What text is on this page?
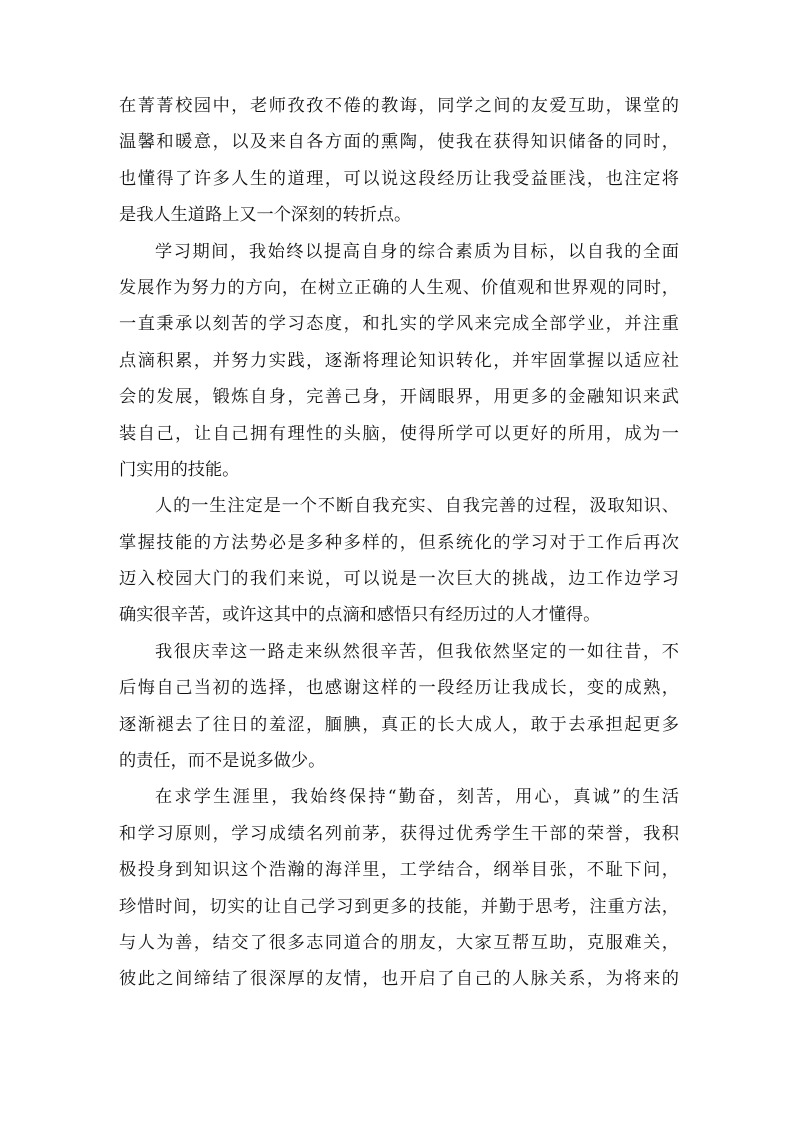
在菁菁校园中，老师孜孜不倦的教诲，同学之间的友爱互助，课堂的
温馨和暖意，以及来自各方面的熏陶，使我在获得知识储备的同时，
也懂得了许多人生的道理，可以说这段经历让我受益匪浅，也注定将
是我人生道路上又一个深刻的转折点。
学习期间，我始终以提高自身的综合素质为目标，以自我的全面
发展作为努力的方向，在树立正确的人生观、价值观和世界观的同时，
一直秉承以刻苦的学习态度，和扎实的学风来完成全部学业，并注重
点滴积累，并努力实践，逐渐将理论知识转化，并牢固掌握以适应社
会的发展，锻炼自身，完善己身，开阔眼界，用更多的金融知识来武
装自己，让自己拥有理性的头脑，使得所学可以更好的所用，成为一
门实用的技能。
人的一生注定是一个不断自我充实、自我完善的过程，汲取知识、
掌握技能的方法势必是多种多样的，但系统化的学习对于工作后再次
迈入校园大门的我们来说，可以说是一次巨大的挑战，边工作边学习
确实很辛苦，或许这其中的点滴和感悟只有经历过的人才懂得。
我很庆幸这一路走来纵然很辛苦，但我依然坚定的一如往昔，不
后悔自己当初的选择，也感谢这样的一段经历让我成长，变的成熟，
逐渐褪去了往日的羞涩，腼腆，真正的长大成人，敢于去承担起更多
的责任，而不是说多做少。
在求学生涯里，我始终保持“勤奋，刻苦，用心，真诚”的生活
和学习原则，学习成绩名列前茅，获得过优秀学生干部的荣誉，我积
极投身到知识这个浩瀚的海洋里，工学结合，纲举目张，不耻下问，
珍惜时间，切实的让自己学习到更多的技能，并勤于思考，注重方法，
与人为善，结交了很多志同道合的朋友，大家互帮互助，克服难关，
彼此之间缔结了很深厚的友情，也开启了自己的人脉关系，为将来的
